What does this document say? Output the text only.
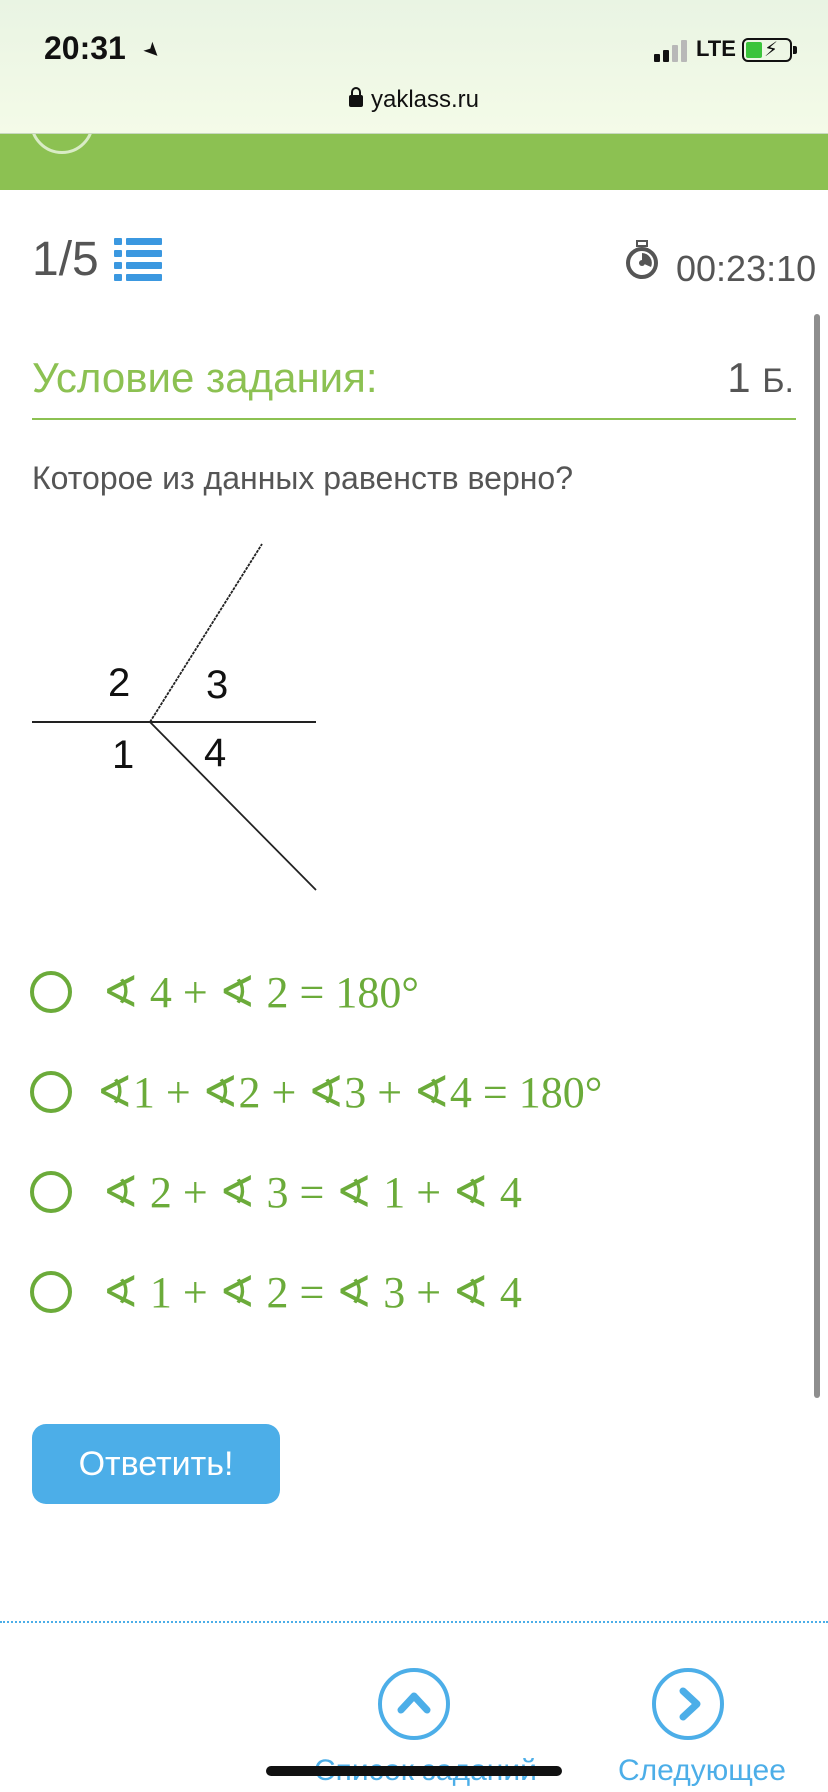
20:31 ➤	LTE ⚡
yaklass.ru
1/5	00:23:10
Условие задания:	1 Б.
Которое из данных равенств верно?
2 3
1 4
∢ 4 + ∢ 2 = 180°
∢1 + ∢2 + ∢3 + ∢4 = 180°
∢ 2 + ∢ 3 = ∢ 1 + ∢ 4
∢ 1 + ∢ 2 = ∢ 3 + ∢ 4
Ответить!
Следующее
